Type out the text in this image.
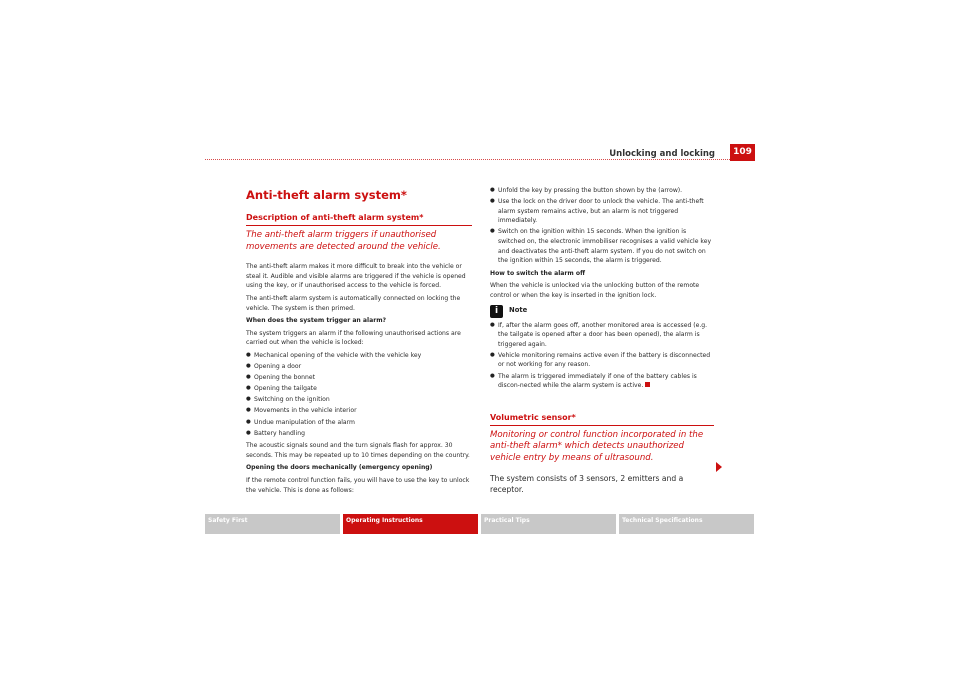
Unlocking and locking	109
Anti-theft alarm system*
Description of anti-theft alarm system*
The anti-theft alarm triggers if unauthorised movements are detected around the vehicle.

The anti-theft alarm makes it more difficult to break into the vehicle or steal it. Audible and visible alarms are triggered if the vehicle is opened using the key, or if unauthorised access to the vehicle is forced.

The anti-theft alarm system is automatically connected on locking the vehicle. The system is then primed.

When does the system trigger an alarm?

The system triggers an alarm if the following unauthorised actions are carried out when the vehicle is locked:

● Mechanical opening of the vehicle with the vehicle key
● Opening a door
● Opening the bonnet
● Opening the tailgate
● Switching on the ignition
● Movements in the vehicle interior
● Undue manipulation of the alarm
● Battery handling

The acoustic signals sound and the turn signals flash for approx. 30 seconds. This may be repeated up to 10 times depending on the country.

Opening the doors mechanically (emergency opening)

If the remote control function fails, you will have to use the key to unlock the vehicle. This is done as follows:

● Unfold the key by pressing the button shown by the (arrow).
● Use the lock on the driver door to unlock the vehicle. The anti-theft alarm system remains active, but an alarm is not triggered immediately.
● Switch on the ignition within 15 seconds. When the ignition is switched on, the electronic immobiliser recognises a valid vehicle key and deactivates the anti-theft alarm system. If you do not switch on the ignition within 15 seconds, the alarm is triggered.

How to switch the alarm off

When the vehicle is unlocked via the unlocking button of the remote control or when the key is inserted in the ignition lock.

i	Note
● If, after the alarm goes off, another monitored area is accessed (e.g. the tailgate is opened after a door has been opened), the alarm is triggered again.
● Vehicle monitoring remains active even if the battery is disconnected or not working for any reason.
● The alarm is triggered immediately if one of the battery cables is discon-nected while the alarm system is active.
Volumetric sensor*
Monitoring or control function incorporated in the anti-theft alarm* which detects unauthorized vehicle entry by means of ultrasound.

The system consists of 3 sensors, 2 emitters and a receptor.

Safety First	Operating Instructions	Practical Tips	Technical Specifications
